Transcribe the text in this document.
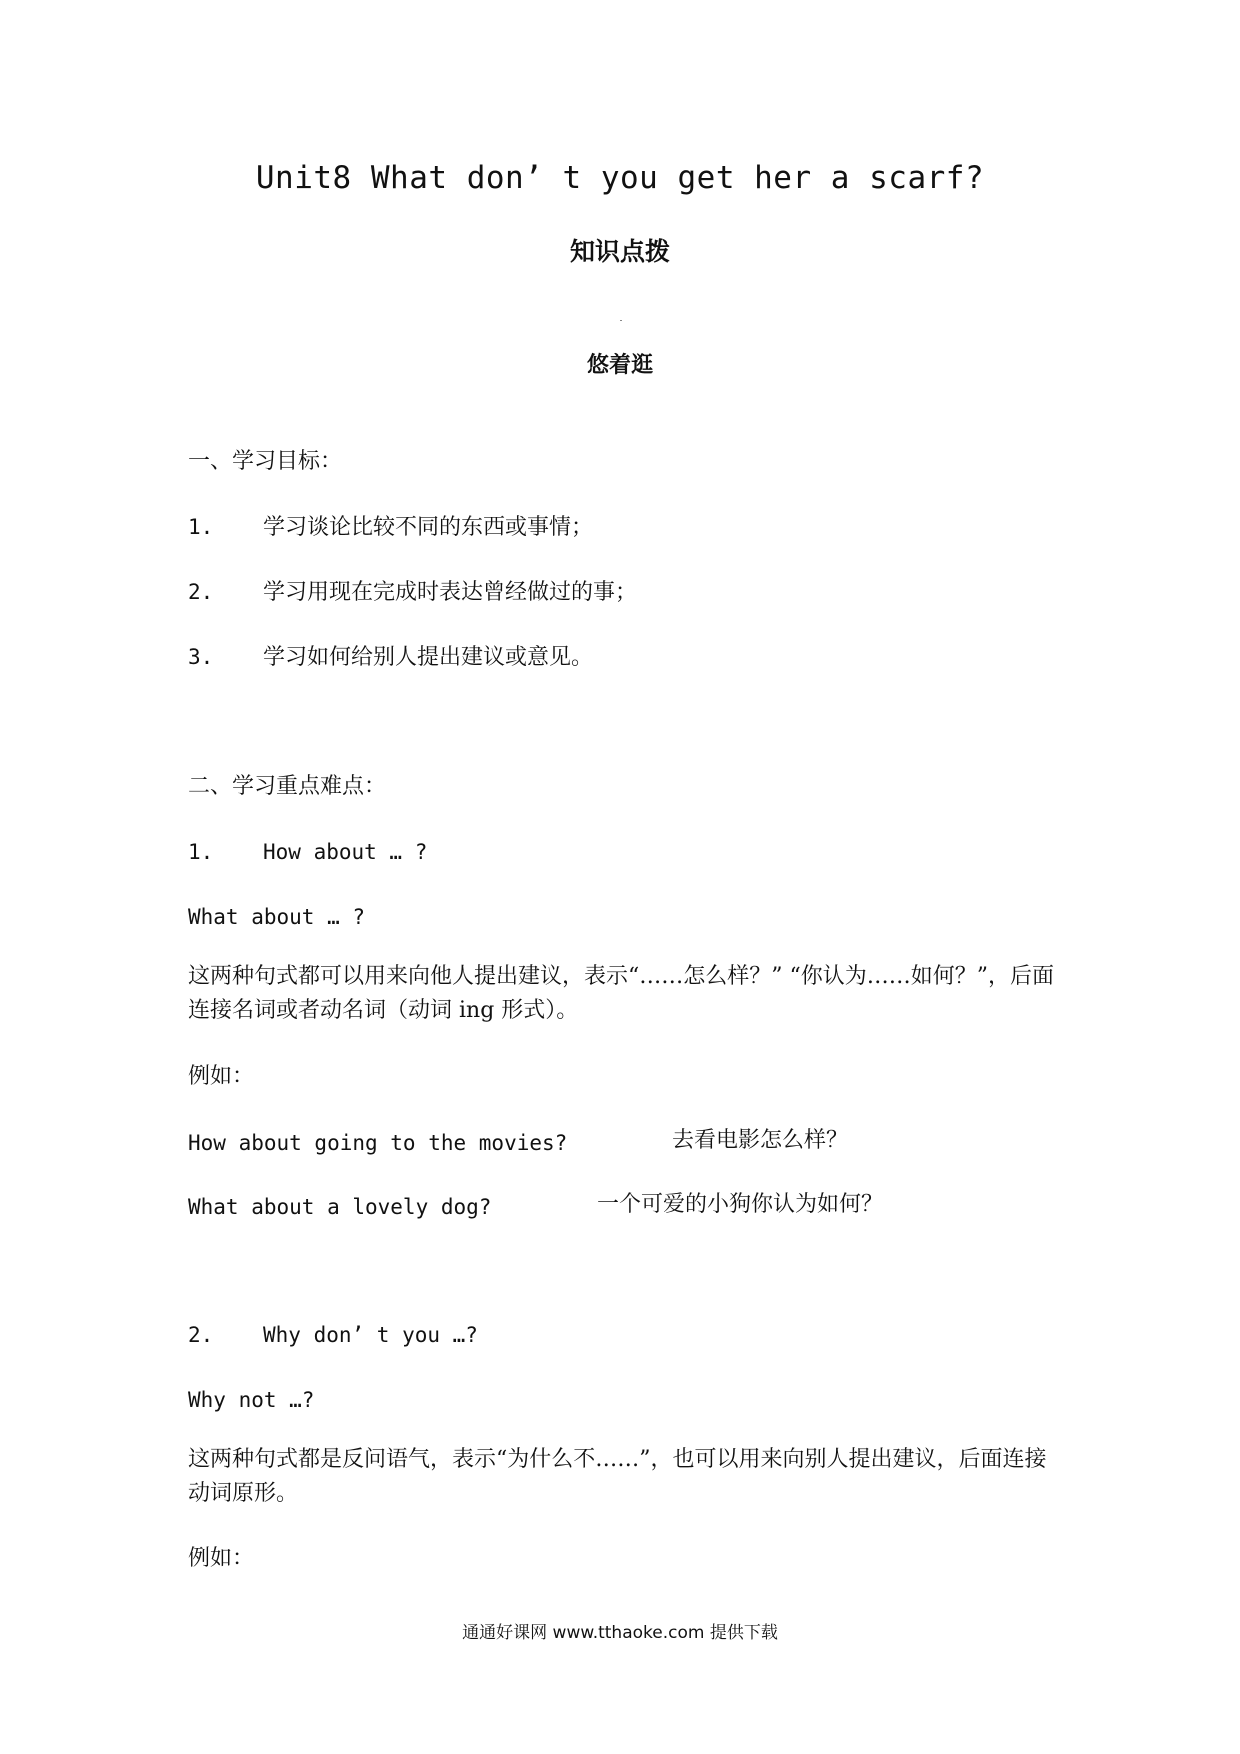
Unit8 What don’ t you get her a scarf?
知识点拨
悠着逛
一、学习目标：
1. 学习谈论比较不同的东西或事情；
2. 学习用现在完成时表达曾经做过的事；
3. 学习如何给别人提出建议或意见。
二、学习重点难点：
1. How about … ?
What about … ?
这两种句式都可以用来向他人提出建议，表示“……怎么样？” “你认为……如何？”，后面连接名词或者动名词（动词 ing 形式）。
例如：
How about going to the movies?	去看电影怎么样？
What about a lovely dog?	一个可爱的小狗你认为如何？
2. Why don’ t you …?
Why not …?
这两种句式都是反问语气，表示“为什么不……”，也可以用来向别人提出建议，后面连接动词原形。
例如：
通通好课网 www.tthaoke.com 提供下载
